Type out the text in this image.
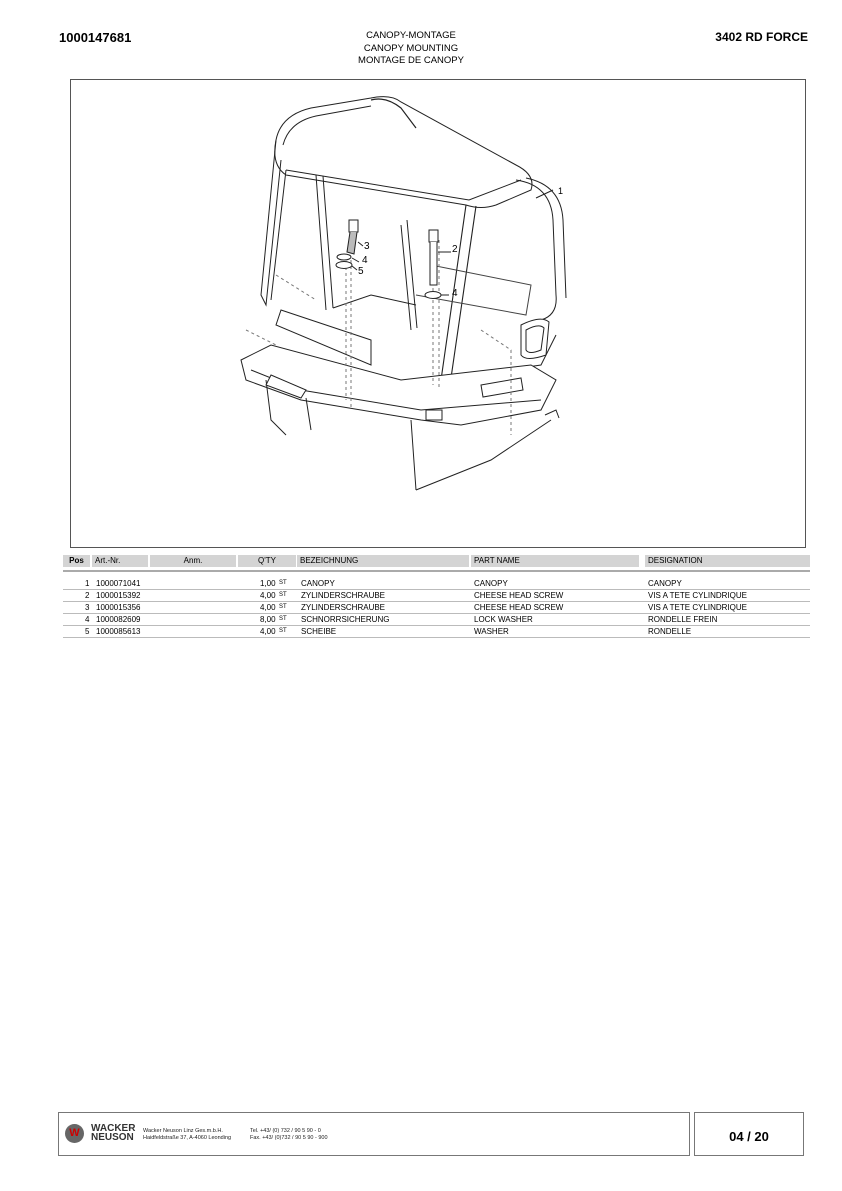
1000147681	CANOPY-MONTAGE
CANOPY MOUNTING
MONTAGE DE CANOPY
3402 RD FORCE
1
2
3
4
5
4
Pos	Art.-Nr.	Anm.	Q'TY	BEZEICHNUNG	PART NAME	DESIGNATION
1 1000071041	1,00 ST CANOPY	CANOPY	CANOPY
2 1000015392	4,00 ST ZYLINDERSCHRAUBE	CHEESE HEAD SCREW	VIS A TETE CYLINDRIQUE
3 1000015356	4,00 ST ZYLINDERSCHRAUBE	CHEESE HEAD SCREW	VIS A TETE CYLINDRIQUE
4 1000082609	8,00 ST SCHNORRSICHERUNG	LOCK WASHER	RONDELLE FREIN
5 1000085613	4,00 ST SCHEIBE	WASHER	RONDELLE
W	WACKER
NEUSON
Wacker Neuson Linz Ges.m.b.H.
Haidfeldstraße 37, A-4060 Leonding
Tel. +43/ (0) 732 / 90 5 90 - 0
Fax. +43/ (0)732 / 90 5 90 - 900	04 / 20
